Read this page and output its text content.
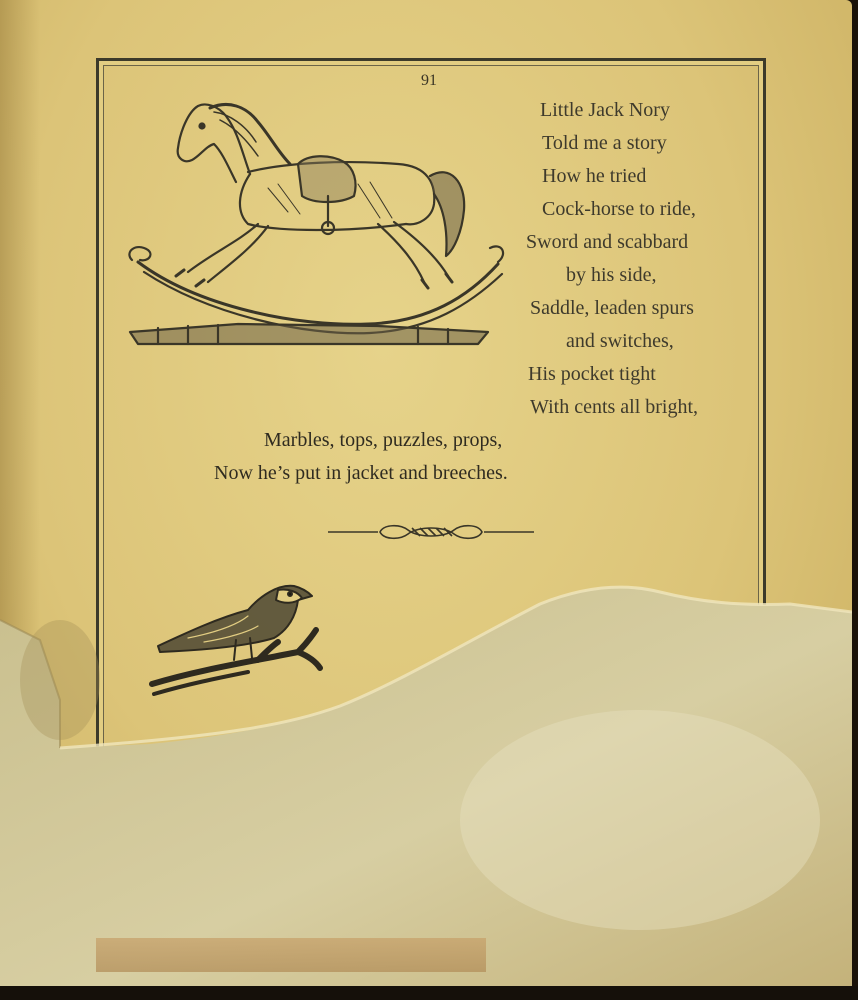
91
Little Jack Nory
Told me a story
How he tried
Cock-horse to ride,
Sword and scabbard
by his side,
Saddle, leaden spurs
and switches,
His pocket tight
With cents all bright,
Marbles, tops, puzzles, props,
Now he’s put in jacket and breeches.
